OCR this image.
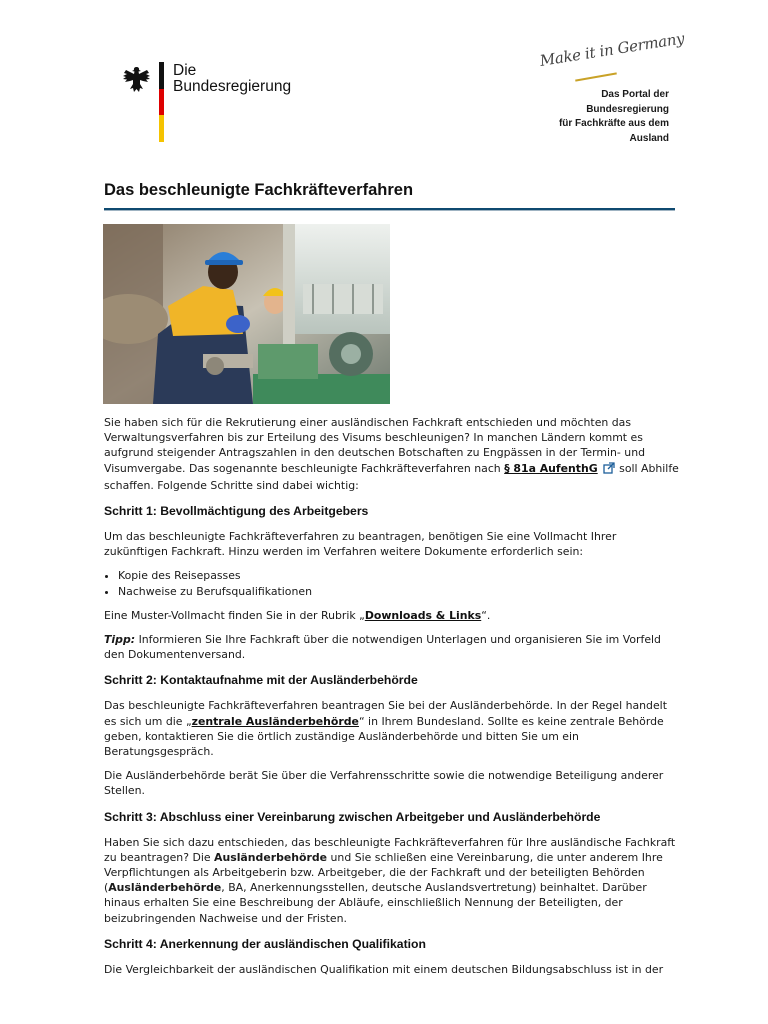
Die
Bundesregierung
Make it in Germany
Das Portal der
Bundesregierung
für Fachkräfte aus dem
Ausland
Das beschleunigte Fachkräfteverfahren

Sie haben sich für die Rekrutierung einer ausländischen Fachkraft entschieden und möchten das Verwaltungsverfahren bis zur Erteilung des Visums beschleunigen? In manchen Ländern kommt es aufgrund steigender Antragszahlen in den deutschen Botschaften zu Engpässen in der Termin- und Visumvergabe. Das sogenannte beschleunigte Fachkräfteverfahren nach § 81a AufenthG soll Abhilfe schaffen. Folgende Schritte sind dabei wichtig:

Schritt 1: Bevollmächtigung des Arbeitgebers

Um das beschleunigte Fachkräfteverfahren zu beantragen, benötigen Sie eine Vollmacht Ihrer zukünftigen Fachkraft. Hinzu werden im Verfahren weitere Dokumente erforderlich sein:

• Kopie des Reisepasses
• Nachweise zu Berufsqualifikationen

Eine Muster-Vollmacht finden Sie in der Rubrik „Downloads & Links“.

Tipp: Informieren Sie Ihre Fachkraft über die notwendigen Unterlagen und organisieren Sie im Vorfeld den Dokumentenversand.

Schritt 2: Kontaktaufnahme mit der Ausländerbehörde

Das beschleunigte Fachkräfteverfahren beantragen Sie bei der Ausländerbehörde. In der Regel handelt es sich um die „zentrale Ausländerbehörde“ in Ihrem Bundesland. Sollte es keine zentrale Behörde geben, kontaktieren Sie die örtlich zuständige Ausländerbehörde und bitten Sie um ein Beratungsgespräch.

Die Ausländerbehörde berät Sie über die Verfahrensschritte sowie die notwendige Beteiligung anderer Stellen.

Schritt 3: Abschluss einer Vereinbarung zwischen Arbeitgeber und Ausländerbehörde

Haben Sie sich dazu entschieden, das beschleunigte Fachkräfteverfahren für Ihre ausländische Fachkraft zu beantragen? Die Ausländerbehörde und Sie schließen eine Vereinbarung, die unter anderem Ihre Verpflichtungen als Arbeitgeberin bzw. Arbeitgeber, die der Fachkraft und der beteiligten Behörden (Ausländerbehörde, BA, Anerkennungsstellen, deutsche Auslandsvertretung) beinhaltet. Darüber hinaus erhalten Sie eine Beschreibung der Abläufe, einschließlich Nennung der Beteiligten, der beizubringenden Nachweise und der Fristen.

Schritt 4: Anerkennung der ausländischen Qualifikation

Die Vergleichbarkeit der ausländischen Qualifikation mit einem deutschen Bildungsabschluss ist in der
